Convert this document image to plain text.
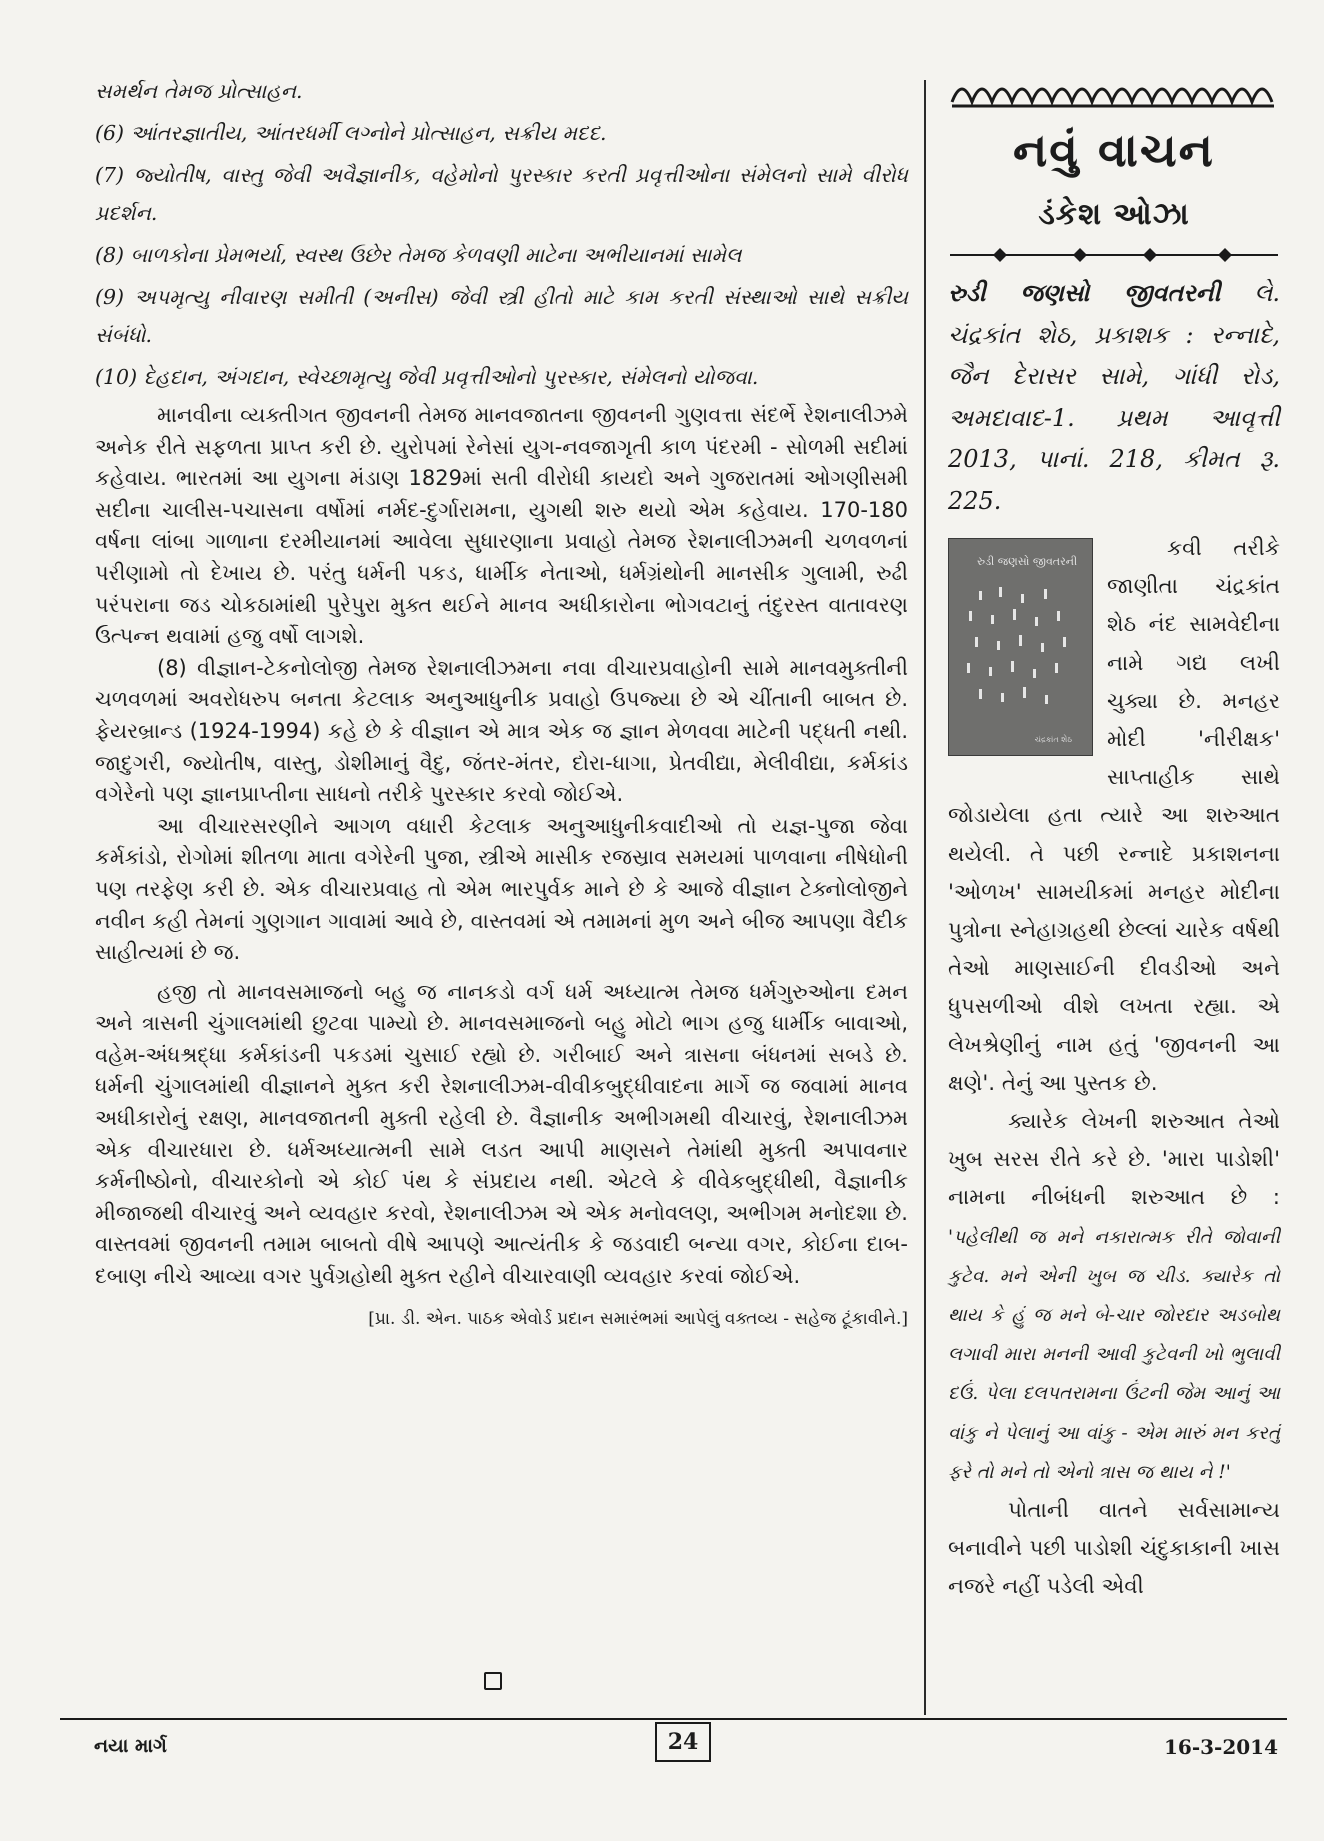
સમર્થન તેમજ પ્રોત્સાહન.

(6) આંતરજ્ઞાતીય, આંતરધર્મી લગ્નોને પ્રોત્સાહન, સક્રીય મદદ.

(7) જ્યોતીષ, વાસ્તુ જેવી અવૈજ્ઞાનીક, વહેમોનો પુરસ્કાર કરતી પ્રવૃત્તીઓના સંમેલનો સામે વીરોધ પ્રદર્શન.

(8) બાળકોના પ્રેમભર્યા, સ્વસ્થ ઉછેર તેમજ કેળવણી માટેના અભીયાનમાં સામેલ

(9) અપમૃત્યુ નીવારણ સમીતી (અનીસ) જેવી સ્ત્રી હીતો માટે કામ કરતી સંસ્થાઓ સાથે સક્રીય સંબંધો.

(10) દેહદાન, અંગદાન, સ્વેચ્છામૃત્યુ જેવી પ્રવૃત્તીઓનો પુરસ્કાર, સંમેલનો યોજવા.

માનવીના વ્યક્તીગત જીવનની તેમજ માનવજાતના જીવનની ગુણવત્તા સંદર્ભે રેશનાલીઝમે અનેક રીતે સફળતા પ્રાપ્ત કરી છે. યુરોપમાં રેનેસાં યુગ-નવજાગૃતી કાળ પંદરમી - સોળમી સદીમાં કહેવાય. ભારતમાં આ યુગના મંડાણ 1829માં સતી વીરોધી કાયદો અને ગુજરાતમાં ઓગણીસમી સદીના ચાલીસ-પચાસના વર્ષોમાં નર્મદ-દુર્ગારામના, યુગથી શરુ થયો એમ કહેવાય. 170-180 વર્ષના લાંબા ગાળાના દરમીયાનમાં આવેલા સુધારણાના પ્રવાહો તેમજ રેશનાલીઝમની ચળવળનાં પરીણામો તો દેખાય છે. પરંતુ ધર્મની પકડ, ધાર્મીક નેતાઓ, ધર્મગ્રંથોની માનસીક ગુલામી, રુઢી પરંપરાના જડ ચોકઠામાંથી પુરેપુરા મુક્ત થઈને માનવ અધીકારોના ભોગવટાનું તંદુરસ્ત વાતાવરણ ઉત્પન્ન થવામાં હજુ વર્ષો લાગશે.

(8) વીજ્ઞાન-ટેકનોલોજી તેમજ રેશનાલીઝમના નવા વીચારપ્રવાહોની સામે માનવમુક્તીની ચળવળમાં અવરોધરુપ બનતા કેટલાક અનુઆધુનીક પ્રવાહો ઉપજ્યા છે એ ચીંતાની બાબત છે. ફેયરબ્રાન્ડ (1924-1994) કહે છે કે વીજ્ઞાન એ માત્ર એક જ જ્ઞાન મેળવવા માટેની પદ્ધતી નથી. જાદુગરી, જ્યોતીષ, વાસ્તુ, ડોશીમાનું વૈદુ, જંતર-મંતર, દોરા-ધાગા, પ્રેતવીદ્યા, મેલીવીદ્યા, કર્મકાંડ વગેરેનો પણ જ્ઞાનપ્રાપ્તીના સાધનો તરીકે પુરસ્કાર કરવો જોઈએ.

આ વીચારસરણીને આગળ વધારી કેટલાક અનુઆધુનીકવાદીઓ તો યજ્ઞ-પુજા જેવા કર્મકાંડો, રોગોમાં શીતળા માતા વગેરેની પુજા, સ્ત્રીએ માસીક રજસ્રાવ સમયમાં પાળવાના નીષેધોની પણ તરફેણ કરી છે. એક વીચારપ્રવાહ તો એમ ભારપુર્વક માને છે કે આજે વીજ્ઞાન ટેક્નોલોજીને નવીન કહી તેમનાં ગુણગાન ગાવામાં આવે છે, વાસ્તવમાં એ તમામનાં મુળ અને બીજ આપણા વૈદીક સાહીત્યમાં છે જ.

હજી તો માનવસમાજનો બહુ જ નાનકડો વર્ગ ધર્મ અધ્યાત્મ તેમજ ધર્મગુરુઓના દમન અને ત્રાસની ચુંગાલમાંથી છુટવા પામ્યો છે. માનવસમાજનો બહુ મોટો ભાગ હજુ ધાર્મીક બાવાઓ, વહેમ-અંધશ્રદ્ધા કર્મકાંડની પકડમાં ચુસાઈ રહ્યો છે. ગરીબાઈ અને ત્રાસના બંધનમાં સબડે છે. ધર્મની ચુંગાલમાંથી વીજ્ઞાનને મુક્ત કરી રેશનાલીઝમ-વીવીકબુદ્ધીવાદના માર્ગે જ જવામાં માનવ અધીકારોનું રક્ષણ, માનવજાતની મુક્તી રહેલી છે. વૈજ્ઞાનીક અભીગમથી વીચારવું, રેશનાલીઝમ એક વીચારધારા છે. ધર્મઅધ્યાત્મની સામે લડત આપી માણસને તેમાંથી મુક્તી અપાવનાર કર્મનીષ્ઠોનો, વીચારકોનો એ કોઈ પંથ કે સંપ્રદાય નથી. એટલે કે વીવેકબુદ્ધીથી, વૈજ્ઞાનીક મીજાજથી વીચારવું અને વ્યવહાર કરવો, રેશનાલીઝમ એ એક મનોવલણ, અભીગમ મનોદશા છે. વાસ્તવમાં જીવનની તમામ બાબતો વીષે આપણે આત્યંતીક કે જડવાદી બન્યા વગર, કોઈના દાબ-દબાણ નીચે આવ્યા વગર પુર્વગ્રહોથી મુક્ત રહીને વીચારવાણી વ્યવહાર કરવાં જોઈએ.

[પ્રા. ડી. એન. પાઠક એવોર્ડ પ્રદાન સમારંભમાં આપેલું વક્તવ્ય - સહેજ ટૂંકાવીને.]
નવું વાચન
ડંકેશ ઓઝા
રુડી જણસો જીવતરની લે. ચંદ્રકાંત શેઠ, પ્રકાશક : રન્નાદે, જૈન દેરાસર સામે, ગાંધી રોડ, અમદાવાદ-1. પ્રથમ આવૃત્તી 2013, પાનાં. 218, કીમત રૂ. 225.
રુડી જણસો જીવતરની
ચંદ્રકાંત શેઠ

કવી તરીકે જાણીતા ચંદ્રકાંત શેઠ નંદ સામવેદીના નામે ગદ્ય લખી ચુક્યા છે. મનહર મોદી 'નીરીક્ષક' સાપ્તાહીક સાથે જોડાયેલા હતા ત્યારે આ શરુઆત થયેલી. તે પછી રન્નાદે પ્રકાશનના 'ઓળખ' સામયીકમાં મનહર મોદીના પુત્રોના સ્નેહાગ્રહથી છેલ્લાં ચારેક વર્ષથી તેઓ માણસાઈની દીવડીઓ અને ધુપસળીઓ વીશે લખતા રહ્યા. એ લેખશ્રેણીનું નામ હતું 'જીવનની આ ક્ષણે'. તેનું આ પુસ્તક છે.

ક્યારેક લેખની શરુઆત તેઓ ખુબ સરસ રીતે કરે છે. 'મારા પાડોશી' નામના નીબંધની શરુઆત છે : 'પહેલીથી જ મને નકારાત્મક રીતે જોવાની કુટેવ. મને એની ખુબ જ ચીડ. ક્યારેક તો થાય કે હું જ મને બે-ચાર જોરદાર અડબોથ લગાવી મારા મનની આવી કુટેવની ખો ભુલાવી દઉં. પેલા દલપતરામના ઉંટની જેમ આનું આ વાંકુ ને પેલાનું આ વાંકુ - એમ મારું મન કરતું ફરે તો મને તો એનો ત્રાસ જ થાય ને !'

પોતાની વાતને સર્વસામાન્ય બનાવીને પછી પાડોશી ચંદુકાકાની ખાસ નજરે નહીં પડેલી એવી

નયા માર્ગ	24	16-3-2014
